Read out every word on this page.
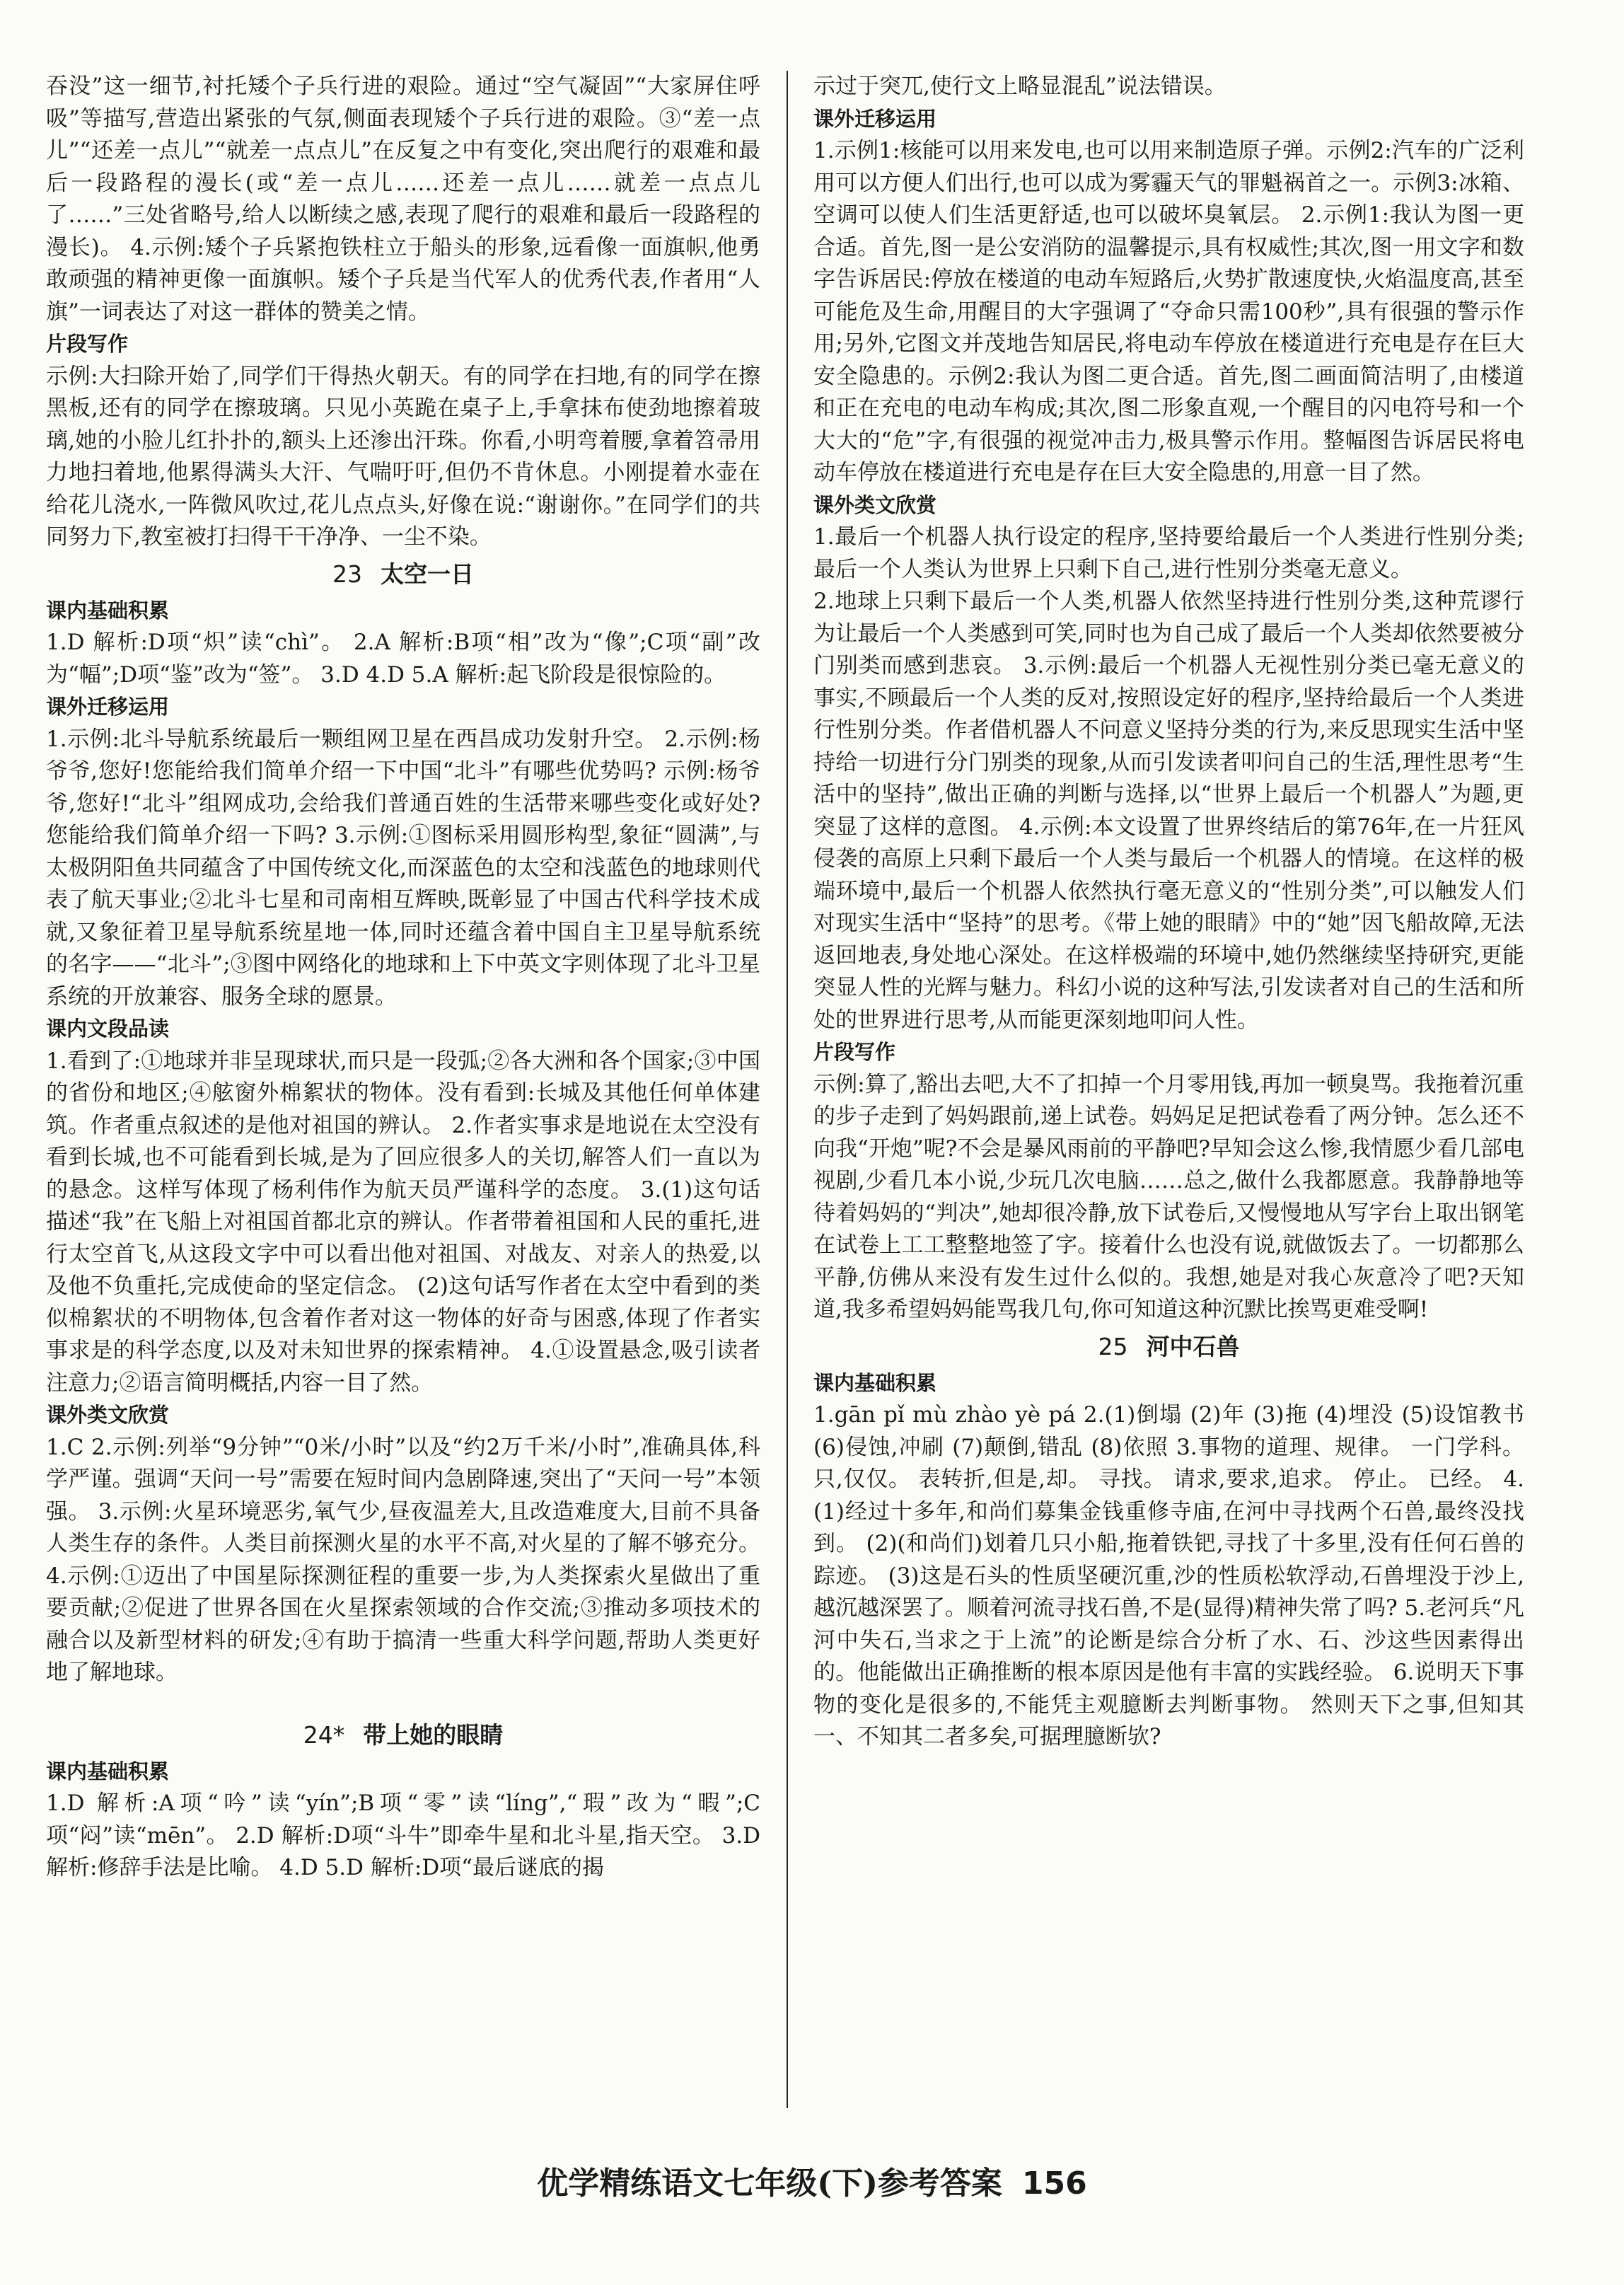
吞没”这一细节,衬托矮个子兵行进的艰险。通过“空气凝固”“大家屏住呼吸”等描写,营造出紧张的气氛,侧面表现矮个子兵行进的艰险。③“差一点儿”“还差一点儿”“就差一点点儿”在反复之中有变化,突出爬行的艰难和最后一段路程的漫长(或“差一点儿……还差一点儿……就差一点点儿了……”三处省略号,给人以断续之感,表现了爬行的艰难和最后一段路程的漫长)。 4.示例:矮个子兵紧抱铁柱立于船头的形象,远看像一面旗帜,他勇敢顽强的精神更像一面旗帜。矮个子兵是当代军人的优秀代表,作者用“人旗”一词表达了对这一群体的赞美之情。

片段写作

示例:大扫除开始了,同学们干得热火朝天。有的同学在扫地,有的同学在擦黑板,还有的同学在擦玻璃。只见小英跪在桌子上,手拿抹布使劲地擦着玻璃,她的小脸儿红扑扑的,额头上还渗出汗珠。你看,小明弯着腰,拿着笤帚用力地扫着地,他累得满头大汗、气喘吁吁,但仍不肯休息。小刚提着水壶在给花儿浇水,一阵微风吹过,花儿点点头,好像在说:“谢谢你。”在同学们的共同努力下,教室被打扫得干干净净、一尘不染。

23 太空一日
课内基础积累

1.D 解析:D项“炽”读“chì”。 2.A 解析:B项“相”改为“像”;C项“副”改为“幅”;D项“鉴”改为“签”。 3.D 4.D 5.A 解析:起飞阶段是很惊险的。

课外迁移运用

1.示例:北斗导航系统最后一颗组网卫星在西昌成功发射升空。 2.示例:杨爷爷,您好!您能给我们简单介绍一下中国“北斗”有哪些优势吗? 示例:杨爷爷,您好!“北斗”组网成功,会给我们普通百姓的生活带来哪些变化或好处?您能给我们简单介绍一下吗? 3.示例:①图标采用圆形构型,象征“圆满”,与太极阴阳鱼共同蕴含了中国传统文化,而深蓝色的太空和浅蓝色的地球则代表了航天事业;②北斗七星和司南相互辉映,既彰显了中国古代科学技术成就,又象征着卫星导航系统星地一体,同时还蕴含着中国自主卫星导航系统的名字——“北斗”;③图中网络化的地球和上下中英文字则体现了北斗卫星系统的开放兼容、服务全球的愿景。

课内文段品读

1.看到了:①地球并非呈现球状,而只是一段弧;②各大洲和各个国家;③中国的省份和地区;④舷窗外棉絮状的物体。没有看到:长城及其他任何单体建筑。作者重点叙述的是他对祖国的辨认。 2.作者实事求是地说在太空没有看到长城,也不可能看到长城,是为了回应很多人的关切,解答人们一直以为的悬念。这样写体现了杨利伟作为航天员严谨科学的态度。 3.(1)这句话描述“我”在飞船上对祖国首都北京的辨认。作者带着祖国和人民的重托,进行太空首飞,从这段文字中可以看出他对祖国、对战友、对亲人的热爱,以及他不负重托,完成使命的坚定信念。 (2)这句话写作者在太空中看到的类似棉絮状的不明物体,包含着作者对这一物体的好奇与困惑,体现了作者实事求是的科学态度,以及对未知世界的探索精神。 4.①设置悬念,吸引读者注意力;②语言简明概括,内容一目了然。

课外类文欣赏

1.C 2.示例:列举“9分钟”“0米/小时”以及“约2万千米/小时”,准确具体,科学严谨。强调“天问一号”需要在短时间内急剧降速,突出了“天问一号”本领强。 3.示例:火星环境恶劣,氧气少,昼夜温差大,且改造难度大,目前不具备人类生存的条件。人类目前探测火星的水平不高,对火星的了解不够充分。 4.示例:①迈出了中国星际探测征程的重要一步,为人类探索火星做出了重要贡献;②促进了世界各国在火星探索领域的合作交流;③推动多项技术的融合以及新型材料的研发;④有助于搞清一些重大科学问题,帮助人类更好地了解地球。

24* 带上她的眼睛
课内基础积累

1.D 解析:A项“吟”读“yín”;B项“零”读“líng”,“瑕”改为“暇”;C项“闷”读“mēn”。 2.D 解析:D项“斗牛”即牵牛星和北斗星,指天空。 3.D 解析:修辞手法是比喻。 4.D 5.D 解析:D项“最后谜底的揭

示过于突兀,使行文上略显混乱”说法错误。

课外迁移运用

1.示例1:核能可以用来发电,也可以用来制造原子弹。示例2:汽车的广泛利用可以方便人们出行,也可以成为雾霾天气的罪魁祸首之一。示例3:冰箱、空调可以使人们生活更舒适,也可以破坏臭氧层。 2.示例1:我认为图一更合适。首先,图一是公安消防的温馨提示,具有权威性;其次,图一用文字和数字告诉居民:停放在楼道的电动车短路后,火势扩散速度快,火焰温度高,甚至可能危及生命,用醒目的大字强调了“夺命只需100秒”,具有很强的警示作用;另外,它图文并茂地告知居民,将电动车停放在楼道进行充电是存在巨大安全隐患的。示例2:我认为图二更合适。首先,图二画面简洁明了,由楼道和正在充电的电动车构成;其次,图二形象直观,一个醒目的闪电符号和一个大大的“危”字,有很强的视觉冲击力,极具警示作用。整幅图告诉居民将电动车停放在楼道进行充电是存在巨大安全隐患的,用意一目了然。

课外类文欣赏

1.最后一个机器人执行设定的程序,坚持要给最后一个人类进行性别分类;最后一个人类认为世界上只剩下自己,进行性别分类毫无意义。

2.地球上只剩下最后一个人类,机器人依然坚持进行性别分类,这种荒谬行为让最后一个人类感到可笑,同时也为自己成了最后一个人类却依然要被分门别类而感到悲哀。 3.示例:最后一个机器人无视性别分类已毫无意义的事实,不顾最后一个人类的反对,按照设定好的程序,坚持给最后一个人类进行性别分类。作者借机器人不问意义坚持分类的行为,来反思现实生活中坚持给一切进行分门别类的现象,从而引发读者叩问自己的生活,理性思考“生活中的坚持”,做出正确的判断与选择,以“世界上最后一个机器人”为题,更突显了这样的意图。 4.示例:本文设置了世界终结后的第76年,在一片狂风侵袭的高原上只剩下最后一个人类与最后一个机器人的情境。在这样的极端环境中,最后一个机器人依然执行毫无意义的“性别分类”,可以触发人们对现实生活中“坚持”的思考。《带上她的眼睛》中的“她”因飞船故障,无法返回地表,身处地心深处。在这样极端的环境中,她仍然继续坚持研究,更能突显人性的光辉与魅力。科幻小说的这种写法,引发读者对自己的生活和所处的世界进行思考,从而能更深刻地叩问人性。

片段写作

示例:算了,豁出去吧,大不了扣掉一个月零用钱,再加一顿臭骂。我拖着沉重的步子走到了妈妈跟前,递上试卷。妈妈足足把试卷看了两分钟。怎么还不向我“开炮”呢?不会是暴风雨前的平静吧?早知会这么惨,我情愿少看几部电视剧,少看几本小说,少玩几次电脑……总之,做什么我都愿意。我静静地等待着妈妈的“判决”,她却很冷静,放下试卷后,又慢慢地从写字台上取出钢笔在试卷上工工整整地签了字。接着什么也没有说,就做饭去了。一切都那么平静,仿佛从来没有发生过什么似的。我想,她是对我心灰意冷了吧?天知道,我多希望妈妈能骂我几句,你可知道这种沉默比挨骂更难受啊!

25 河中石兽
课内基础积累

1.gān pǐ mù zhào yè pá 2.(1)倒塌 (2)年 (3)拖 (4)埋没 (5)设馆教书 (6)侵蚀,冲刷 (7)颠倒,错乱 (8)依照 3.事物的道理、规律。 一门学科。 只,仅仅。 表转折,但是,却。 寻找。 请求,要求,追求。 停止。 已经。 4.(1)经过十多年,和尚们募集金钱重修寺庙,在河中寻找两个石兽,最终没找到。 (2)(和尚们)划着几只小船,拖着铁钯,寻找了十多里,没有任何石兽的踪迹。 (3)这是石头的性质坚硬沉重,沙的性质松软浮动,石兽埋没于沙上,越沉越深罢了。顺着河流寻找石兽,不是(显得)精神失常了吗? 5.老河兵“凡河中失石,当求之于上流”的论断是综合分析了水、石、沙这些因素得出的。他能做出正确推断的根本原因是他有丰富的实践经验。 6.说明天下事物的变化是很多的,不能凭主观臆断去判断事物。 然则天下之事,但知其一、不知其二者多矣,可据理臆断欤?

优学精练语文七年级(下)参考答案 156
